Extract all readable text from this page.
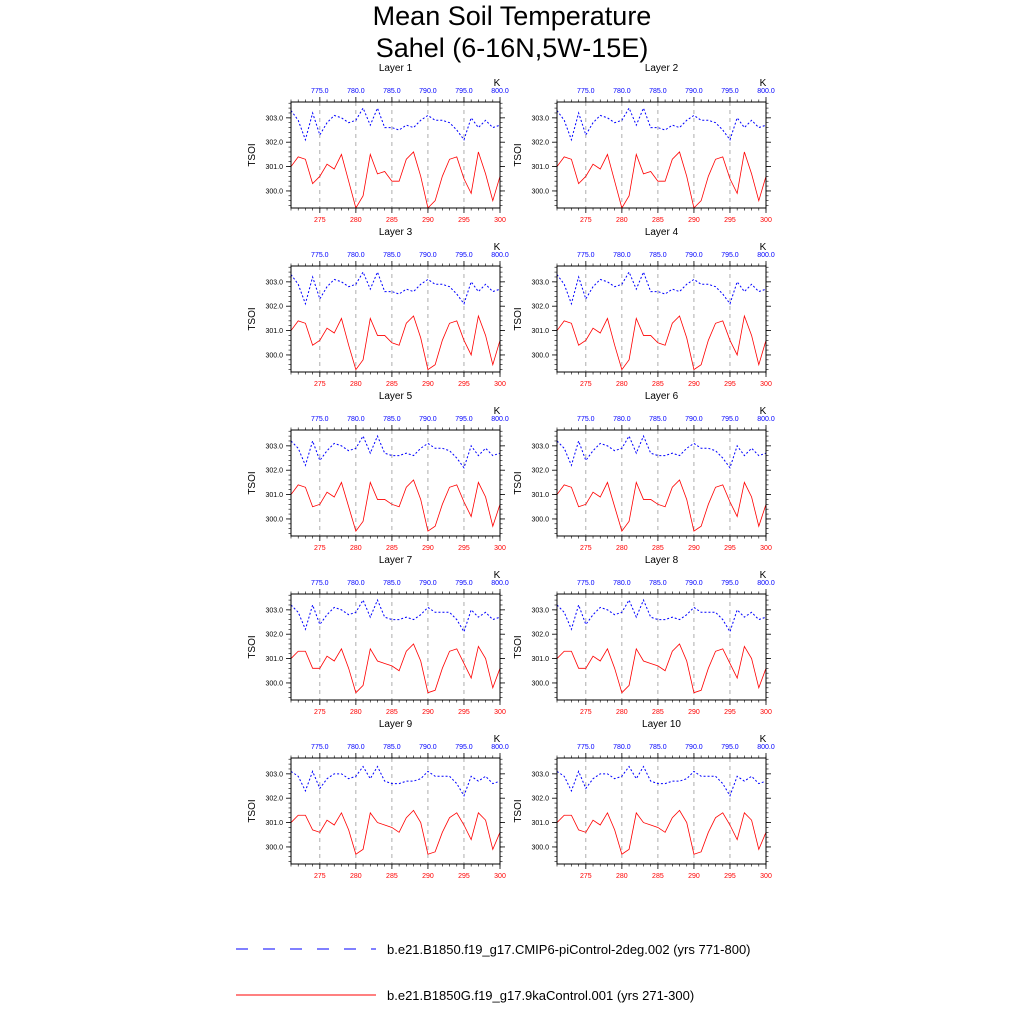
Mean Soil Temperature
Sahel (6-16N,5W-15E)
Layer 1
K
TSOI
275	280	285	290	295	300
775.0	780.0	785.0	790.0	795.0	800.0
303.0
302.0
301.0
300.0
Layer 2
K
TSOI
275	280	285	290	295	300
775.0	780.0	785.0	790.0	795.0	800.0
303.0
302.0
301.0
300.0
Layer 3
K
TSOI
275	280	285	290	295	300
775.0	780.0	785.0	790.0	795.0	800.0
303.0
302.0
301.0
300.0
Layer 4
K
TSOI
275	280	285	290	295	300
775.0	780.0	785.0	790.0	795.0	800.0
303.0
302.0
301.0
300.0
Layer 5
K
TSOI
275	280	285	290	295	300
775.0	780.0	785.0	790.0	795.0	800.0
303.0
302.0
301.0
300.0
Layer 6
K
TSOI
275	280	285	290	295	300
775.0	780.0	785.0	790.0	795.0	800.0
303.0
302.0
301.0
300.0
Layer 7
K
TSOI
275	280	285	290	295	300
775.0	780.0	785.0	790.0	795.0	800.0
303.0
302.0
301.0
300.0
Layer 8
K
TSOI
275	280	285	290	295	300
775.0	780.0	785.0	790.0	795.0	800.0
303.0
302.0
301.0
300.0
Layer 9
K
TSOI
275	280	285	290	295	300
775.0	780.0	785.0	790.0	795.0	800.0
303.0
302.0
301.0
300.0
Layer 10
K
TSOI
275	280	285	290	295	300
775.0	780.0	785.0	790.0	795.0	800.0
303.0
302.0
301.0
300.0
b.e21.B1850.f19_g17.CMIP6-piControl-2deg.002 (yrs 771-800)
b.e21.B1850G.f19_g17.9kaControl.001 (yrs 271-300)
